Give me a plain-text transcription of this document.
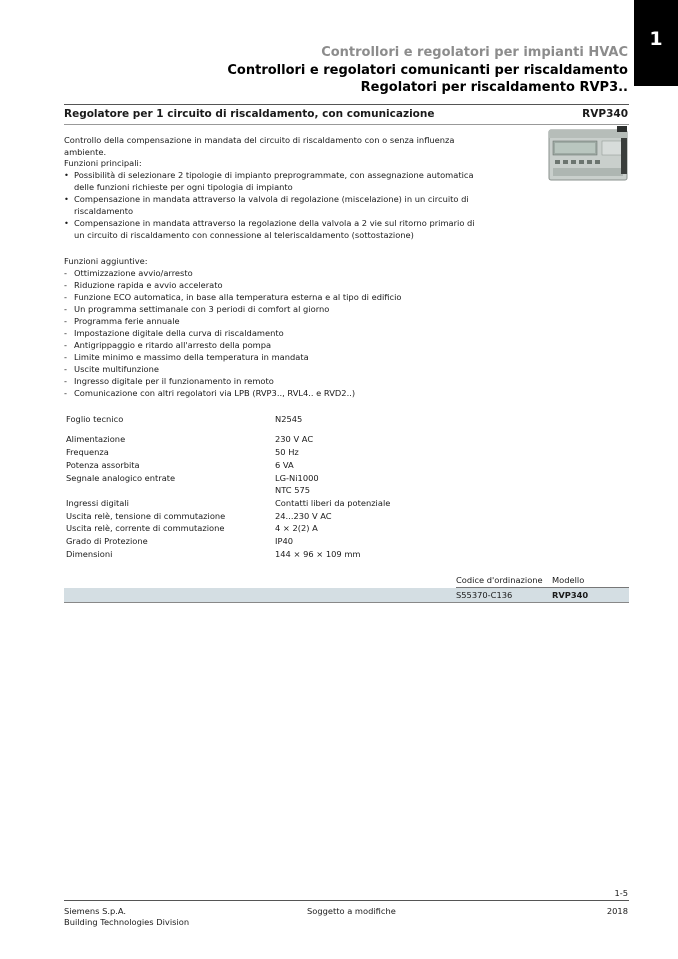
1
Controllori e regolatori per impianti HVAC
Controllori e regolatori comunicanti per riscaldamento
Regolatori per riscaldamento RVP3..
Regolatore per 1 circuito di riscaldamento, con comunicazione	RVP340
Controllo della compensazione in mandata del circuito di riscaldamento con o senza influenza ambiente.
Funzioni principali:
• Possibilità di selezionare 2 tipologie di impianto preprogrammate, con assegnazione automatica delle funzioni richieste per ogni tipologia di impianto
• Compensazione in mandata attraverso la valvola di regolazione (miscelazione) in un circuito di riscaldamento
• Compensazione in mandata attraverso la regolazione della valvola a 2 vie sul ritorno primario di un circuito di riscaldamento con connessione al teleriscaldamento (sottostazione)
Funzioni aggiuntive:
- Ottimizzazione avvio/arresto
- Riduzione rapida e avvio accelerato
- Funzione ECO automatica, in base alla temperatura esterna e al tipo di edificio
- Un programma settimanale con 3 periodi di comfort al giorno
- Programma ferie annuale
- Impostazione digitale della curva di riscaldamento
- Antigrippaggio e ritardo all'arresto della pompa
- Limite minimo e massimo della temperatura in mandata
- Uscite multifunzione
- Ingresso digitale per il funzionamento in remoto
- Comunicazione con altri regolatori via LPB (RVP3.., RVL4.. e RVD2..)
Foglio tecnico	N2545
Alimentazione	230 V AC
Frequenza	50 Hz
Potenza assorbita	6 VA
Segnale analogico entrate	LG-Ni1000
NTC 575
Ingressi digitali	Contatti liberi da potenziale
Uscita relè, tensione di commutazione	24...230 V AC
Uscita relè, corrente di commutazione	4 × 2(2) A
Grado di Protezione	IP40
Dimensioni	144 × 96 × 109 mm
Codice d'ordinazione Modello
S55370-C136	RVP340
1-5
Siemens S.p.A.
Building Technologies Division
Soggetto a modifiche	2018
